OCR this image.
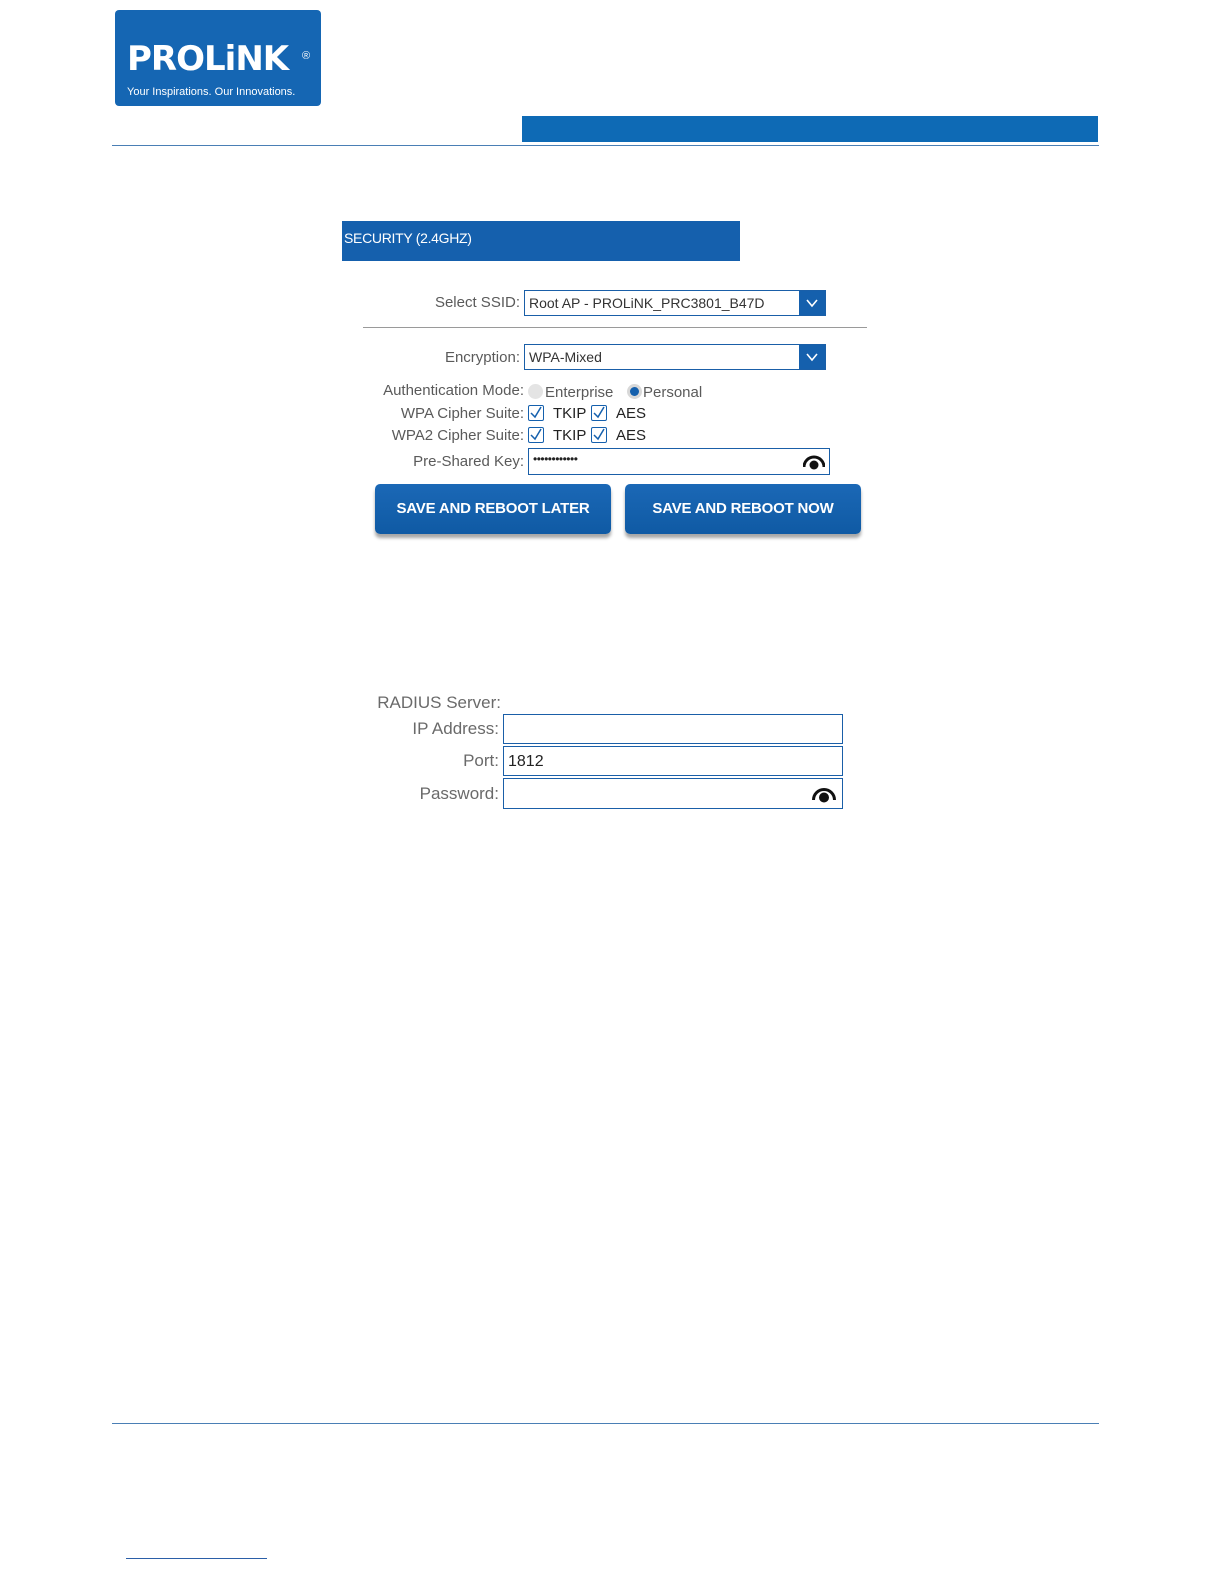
PROLiNK ®
Your Inspirations. Our Innovations.
SECURITY (2.4GHZ)
Select SSID: Root AP - PROLiNK_PRC3801_B47D
Encryption: WPA-Mixed
Authentication Mode: Enterprise Personal
WPA Cipher Suite: TKIP AES
WPA2 Cipher Suite: TKIP AES
Pre-Shared Key: ••••••••••••
SAVE AND REBOOT LATER	SAVE AND REBOOT NOW
RADIUS Server:
IP Address:
Port: 1812
Password:
